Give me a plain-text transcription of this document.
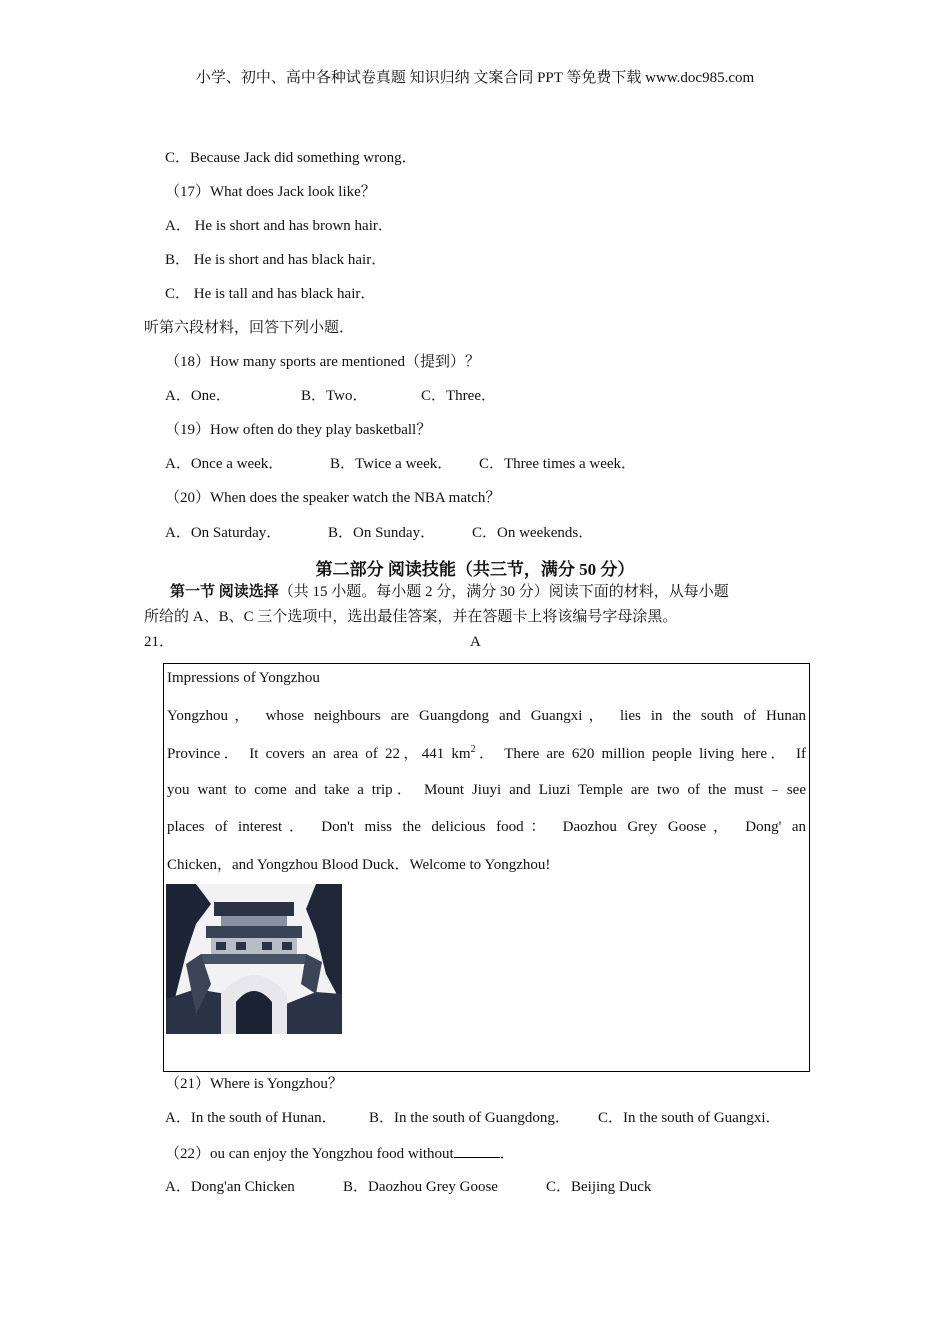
小学、初中、高中各种试卷真题 知识归纳 文案合同 PPT 等免费下载 www.doc985.com
C．Because Jack did something wrong．
（17）What does Jack look like？
A． He is short and has brown hair．
B． He is short and has black hair．
C． He is tall and has black hair．
听第六段材料，回答下列小题．
（18）How many sports are mentioned（提到）？
A．One．	B．Two．	C．Three．
（19）How often do they play basketball？
A．Once a week．	B．Twice a week． C．Three times a week．
（20）When does the speaker watch the NBA match？
A．On Saturday．	B．On Sunday． C．On weekends．
第二部分 阅读技能（共三节，满分 50 分）
第一节 阅读选择（共 15 小题。每小题 2 分，满分 30 分）阅读下面的材料，从每小题
所给的 A、B、C 三个选项中，选出最佳答案，并在答题卡上将该编号字母涂黑。
21．	A
Impressions of Yongzhou
Yongzhou， whose neighbours are Guangdong and Guangxi， lies in the south of Hunan
Province． It covers an area of 22，441 $km^2$． There are 620 million people living here． If
you want to come and take a trip． Mount Jiuyi and Liuzi Temple are two of the must﹣see
places of interest． Don't miss the delicious food： Daozhou Grey Goose， Dong' an
Chicken，and Yongzhou Blood Duck．Welcome to Yongzhou!
（21）Where is Yongzhou？
A．In the south of Hunan． B．In the south of Guangdong． C．In the south of Guangxi．
（22）ou can enjoy the Yongzhou food without	．
A．Dong'an Chicken	B．Daozhou Grey Goose	C．Beijing Duck
